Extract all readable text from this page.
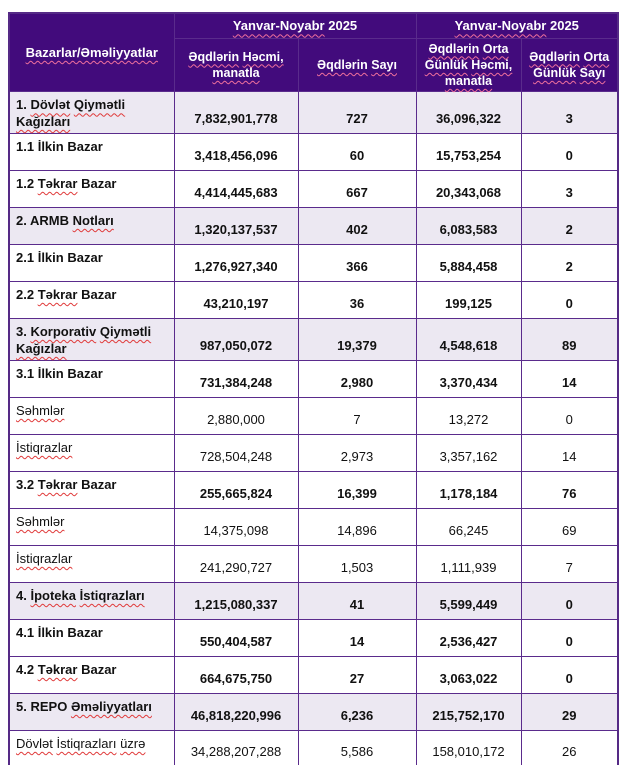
Bazarlar/Əməliyyatlar	Yanvar-Noyabr 2025		Yanvar-Noyabr 2025	
	Əqdlərin Həcmi, manatla	Əqdlərin Sayı	Əqdlərin Orta Günlük Həcmi, manatla	Əqdlərin Orta Günlük Sayı
1. Dövlət Qiymətli Kağızları	7,832,901,778	727	36,096,322	3
1.1 İlkin Bazar	3,418,456,096	60	15,753,254	0
1.2 Təkrar Bazar	4,414,445,683	667	20,343,068	3
2. ARMB Notları	1,320,137,537	402	6,083,583	2
2.1 İlkin Bazar	1,276,927,340	366	5,884,458	2
2.2 Təkrar Bazar	43,210,197	36	199,125	0
3. Korporativ Qiymətli Kağızlar	987,050,072	19,379	4,548,618	89
3.1 İlkin Bazar	731,384,248	2,980	3,370,434	14
Səhmlər	2,880,000	7	13,272	0
İstiqrazlar	728,504,248	2,973	3,357,162	14
3.2 Təkrar Bazar	255,665,824	16,399	1,178,184	76
Səhmlər	14,375,098	14,896	66,245	69
İstiqrazlar	241,290,727	1,503	1,111,939	7
4. İpoteka İstiqrazları	1,215,080,337	41	5,599,449	0
4.1 İlkin Bazar	550,404,587	14	2,536,427	0
4.2 Təkrar Bazar	664,675,750	27	3,063,022	0
5. REPO Əməliyyatları	46,818,220,996	6,236	215,752,170	29
Dövlət İstiqrazları üzrə	34,288,207,288	5,586	158,010,172	26
